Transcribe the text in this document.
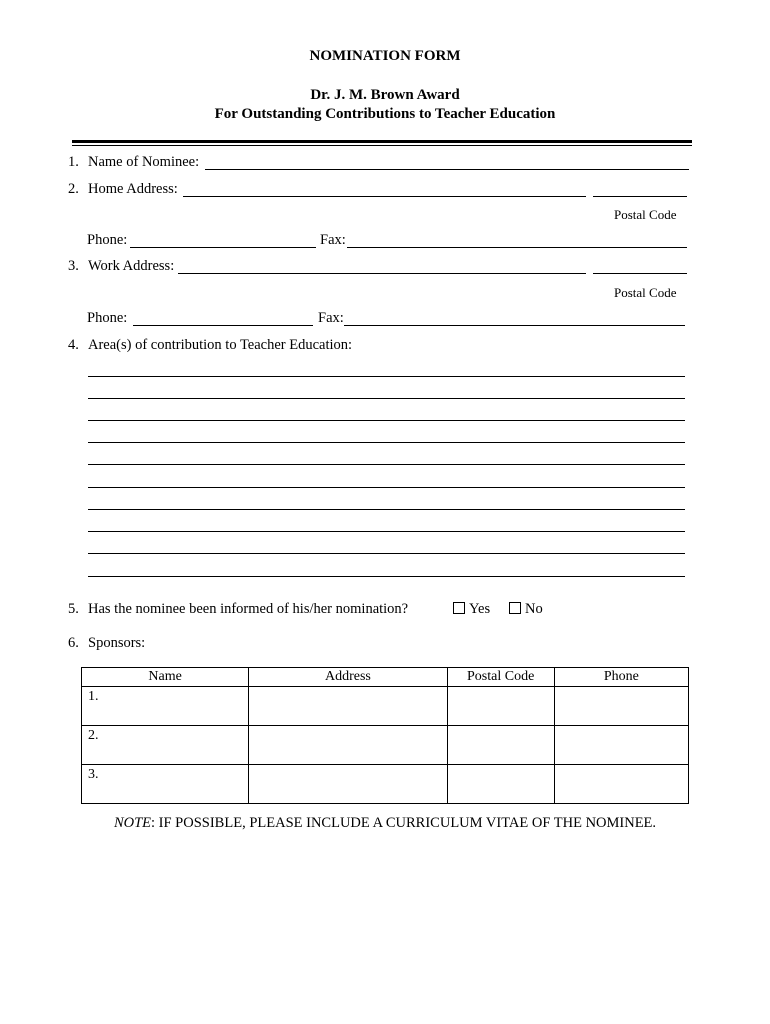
NOMINATION FORM
Dr. J. M. Brown Award
For Outstanding Contributions to Teacher Education
1. Name of Nominee:
2. Home Address:
Postal Code
Phone:	Fax:
3. Work Address:
Postal Code
Phone:	Fax:
4. Area(s) of contribution to Teacher Education:
5. Has the nominee been informed of his/her nomination?	Yes	No
6. Sponsors:
Name	Address	Postal Code	Phone
1.			
2.			
3.			
NOTE: IF POSSIBLE, PLEASE INCLUDE A CURRICULUM VITAE OF THE NOMINEE.
